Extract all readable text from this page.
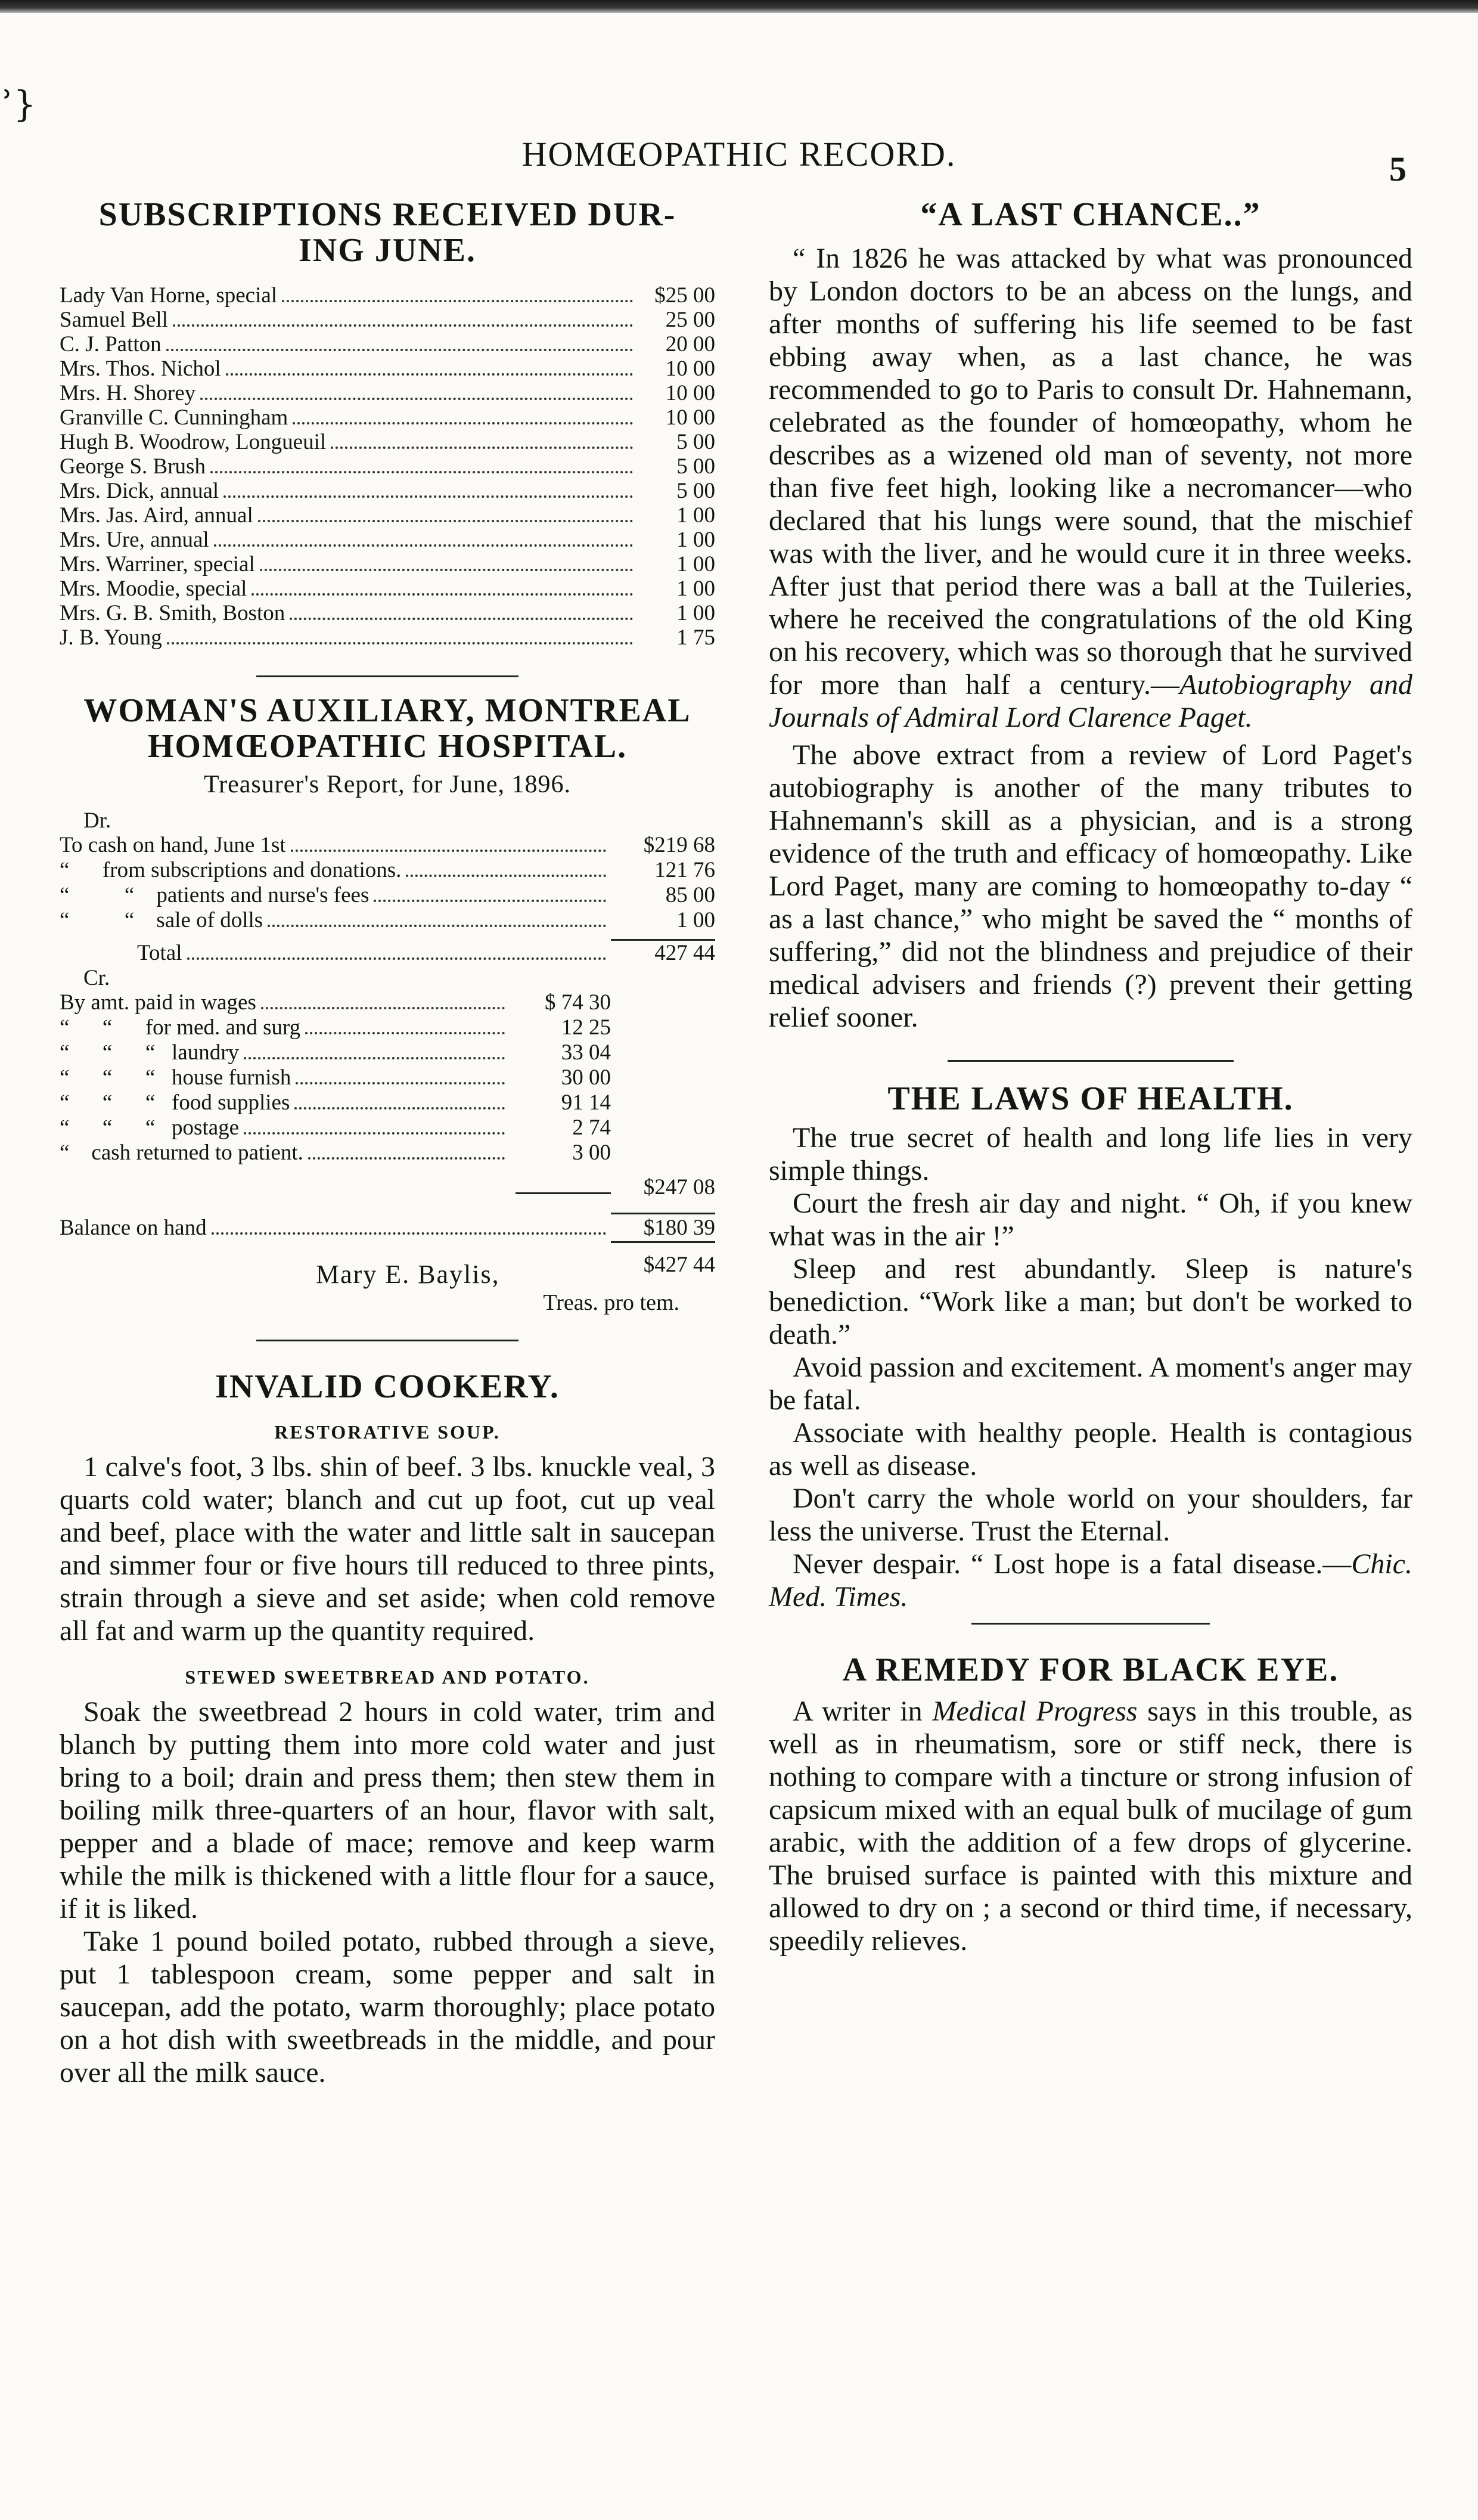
ʾ}
HOMŒOPATHIC RECORD.	5
SUBSCRIPTIONS RECEIVED DUR-
ING JUNE.
Lady Van Horne, special	$25 00
Samuel Bell	25 00
C. J. Patton	20 00
Mrs. Thos. Nichol	10 00
Mrs. H. Shorey	10 00
Granville C. Cunningham	10 00
Hugh B. Woodrow, Longueuil	5 00
George S. Brush	5 00
Mrs. Dick, annual	5 00
Mrs. Jas. Aird, annual	1 00
Mrs. Ure, annual	1 00
Mrs. Warriner, special	1 00
Mrs. Moodie, special	1 00
Mrs. G. B. Smith, Boston	1 00
J. B. Young	1 75
WOMAN'S AUXILIARY, MONTREAL
HOMŒOPATHIC HOSPITAL.
Treasurer's Report, for June, 1896.
Dr.
To cash on hand, June 1st	$219 68
“      from subscriptions and donations.	121 76
“          “    patients and nurse's fees	85 00
“          “    sale of dolls	1 00
Total	427 44
Cr.
By amt. paid in wages	$ 74 30
“      “      for med. and surg	12 25
“      “      “   laundry	33 04
“      “      “   house furnish	30 00
“      “      “   food supplies	91 14
“      “      “   postage	2 74
“    cash returned to patient.	3 00
$247 08
Balance on hand	$180 39
$427 44
Mary E. Baylis,
Treas. pro tem.
INVALID COOKERY.
RESTORATIVE SOUP.

1 calve's foot, 3 lbs. shin of beef. 3 lbs. knuckle veal, 3 quarts cold water; blanch and cut up foot, cut up veal and beef, place with the water and little salt in saucepan and simmer four or five hours till reduced to three pints, strain through a sieve and set aside; when cold remove all fat and warm up the quantity required.

STEWED SWEETBREAD AND POTATO.

Soak the sweetbread 2 hours in cold water, trim and blanch by putting them into more cold water and just bring to a boil; drain and press them; then stew them in boiling milk three-quarters of an hour, flavor with salt, pepper and a blade of mace; remove and keep warm while the milk is thickened with a little flour for a sauce, if it is liked.

Take 1 pound boiled potato, rubbed through a sieve, put 1 tablespoon cream, some pepper and salt in saucepan, add the potato, warm thoroughly; place potato on a hot dish with sweetbreads in the middle, and pour over all the milk sauce.

“A LAST CHANCE..”

“ In 1826 he was attacked by what was pronounced by London doctors to be an abcess on the lungs, and after months of suffering his life seemed to be fast ebbing away when, as a last chance, he was recommended to go to Paris to consult Dr. Hahnemann, celebrated as the founder of homœopathy, whom he describes as a wizened old man of seventy, not more than five feet high, looking like a necromancer—who declared that his lungs were sound, that the mischief was with the liver, and he would cure it in three weeks. After just that period there was a ball at the Tuileries, where he received the congratulations of the old King on his recovery, which was so thorough that he survived for more than half a century.—Autobiography and Journals of Admiral Lord Clarence Paget.

The above extract from a review of Lord Paget's autobiography is another of the many tributes to Hahnemann's skill as a physician, and is a strong evidence of the truth and efficacy of homœopathy. Like Lord Paget, many are coming to homœopathy to-day “ as a last chance,” who might be saved the “ months of suffering,” did not the blindness and prejudice of their medical advisers and friends (?) prevent their getting relief sooner.

THE LAWS OF HEALTH.

The true secret of health and long life lies in very simple things.

Court the fresh air day and night. “ Oh, if you knew what was in the air !”

Sleep and rest abundantly. Sleep is nature's benediction. “Work like a man; but don't be worked to death.”

Avoid passion and excitement. A moment's anger may be fatal.

Associate with healthy people. Health is contagious as well as disease.

Don't carry the whole world on your shoulders, far less the universe. Trust the Eternal.

Never despair. “ Lost hope is a fatal disease.—Chic. Med. Times.

A REMEDY FOR BLACK EYE.

A writer in Medical Progress says in this trouble, as well as in rheumatism, sore or stiff neck, there is nothing to compare with a tincture or strong infusion of capsicum mixed with an equal bulk of mucilage of gum arabic, with the addition of a few drops of glycerine. The bruised surface is painted with this mixture and allowed to dry on ; a second or third time, if necessary, speedily relieves.
